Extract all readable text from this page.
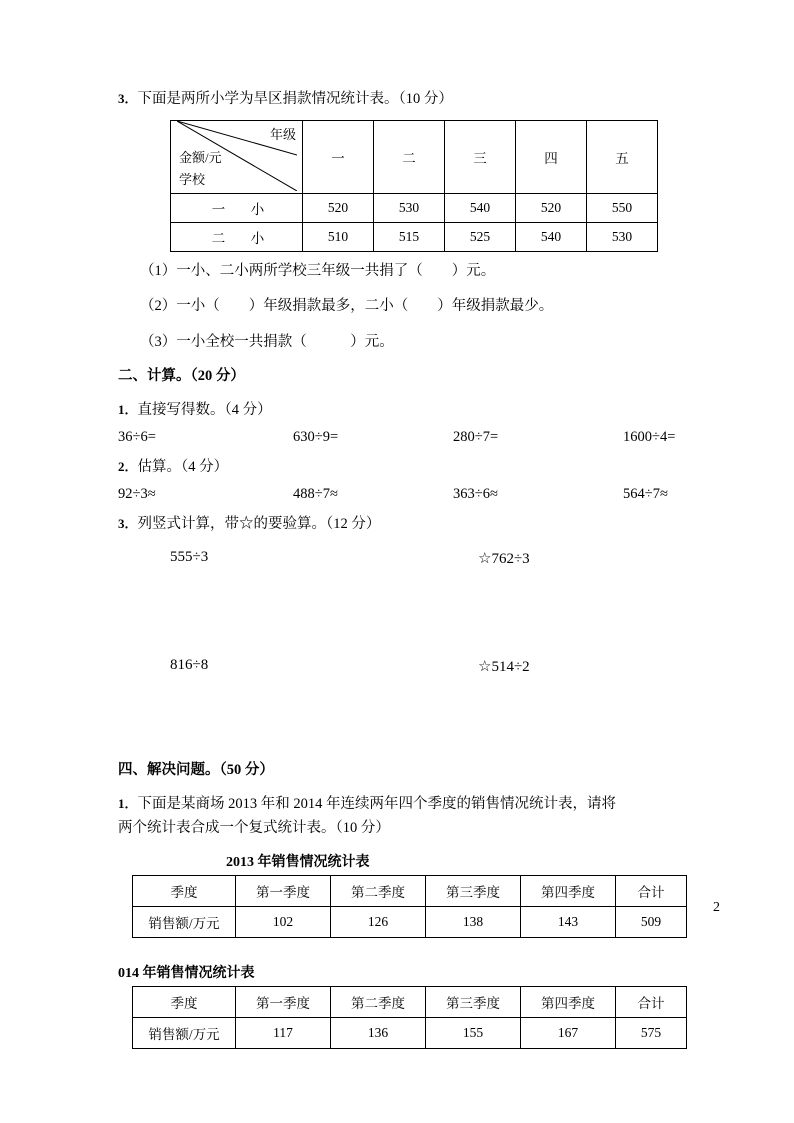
3．下面是两所小学为旱区捐款情况统计表。（10 分）

年级
金额/元
学校	一	二	三	四	五
一　小	520	530	540	520	550
二　小	510	515	525	540	530

（1）一小、二小两所学校三年级一共捐了（　　）元。

（2）一小（　　）年级捐款最多，二小（　　）年级捐款最少。

（3）一小全校一共捐款（　　　）元。

二、计算。（20 分）

1．直接写得数。（4 分）

36÷6=	630÷9=	280÷7=	1600÷4=

2．估算。（4 分）

92÷3≈	488÷7≈	363÷6≈	564÷7≈

3．列竖式计算，带☆的要验算。（12 分）

555÷3	☆762÷3
816÷8	☆514÷2

四、解决问题。（50 分）

1．下面是某商场 2013 年和 2014 年连续两年四个季度的销售情况统计表，请将

两个统计表合成一个复式统计表。（10 分）

2013 年销售情况统计表
季度	第一季度	第二季度	第三季度	第四季度	合计
销售额/万元	102	126	138	143	509
014 年销售情况统计表
季度	第一季度	第二季度	第三季度	第四季度	合计
销售额/万元	117	136	155	167	575
2
